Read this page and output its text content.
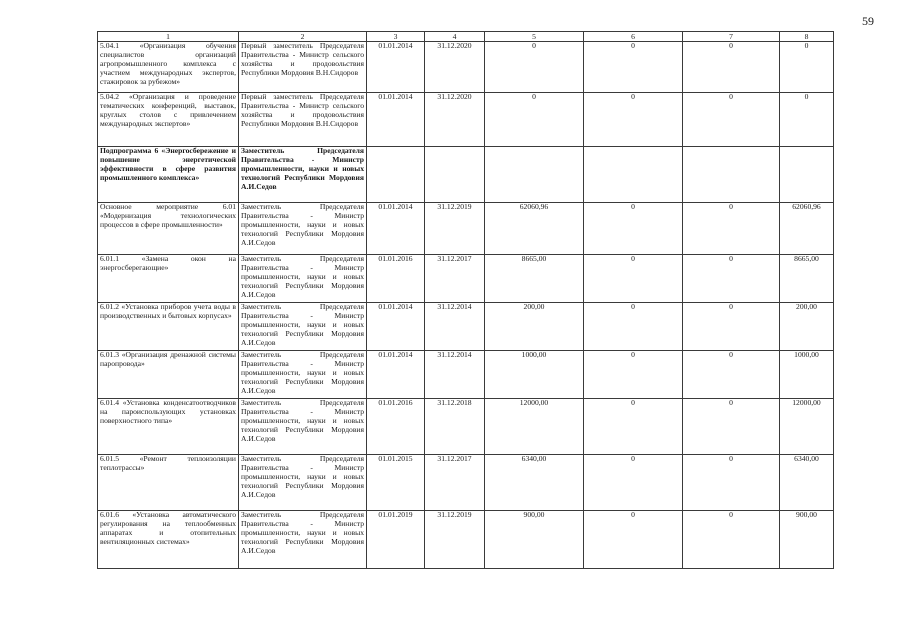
59
1	2	3	4	5	6	7	8
5.04.1 «Организация обучения специалистов организаций агропромышленного комплекса с участием международных экспертов, стажировок за рубежом»	Первый заместитель Председателя Правительства - Министр сельского хозяйства и продовольствия Республики Мордовия В.Н.Сидоров	01.01.2014	31.12.2020	0	0	0	0
5.04.2 «Организация и проведение тематических конференций, выставок, круглых столов с привлечением международных экспертов»	Первый заместитель Председателя Правительства - Министр сельского хозяйства и продовольствия Республики Мордовия В.Н.Сидоров	01.01.2014	31.12.2020	0	0	0	0
Подпрограмма 6 «Энергосбережение и повышение энергетической эффективности в сфере развития промышленного комплекса»	Заместитель Председателя Правительства - Министр промышленности, науки и новых технологий Республики Мордовия А.И.Седов						
Основное мероприятие 6.01 «Модернизация технологических процессов в сфере промышленности»	Заместитель Председателя Правительства - Министр промышленности, науки и новых технологий Республики Мордовия А.И.Седов	01.01.2014	31.12.2019	62060,96	0	0	62060,96
6.01.1 «Замена окон на энергосберегающие»	Заместитель Председателя Правительства - Министр промышленности, науки и новых технологий Республики Мордовия А.И.Седов	01.01.2016	31.12.2017	8665,00	0	0	8665,00
6.01.2 «Установка приборов учета воды в производственных и бытовых корпусах»	Заместитель Председателя Правительства - Министр промышленности, науки и новых технологий Республики Мордовия А.И.Седов	01.01.2014	31.12.2014	200,00	0	0	200,00
6.01.3 «Организация дренажной системы паропровода»	Заместитель Председателя Правительства - Министр промышленности, науки и новых технологий Республики Мордовия А.И.Седов	01.01.2014	31.12.2014	1000,00	0	0	1000,00
6.01.4 «Установка конденсатоотводчиков на пароиспользующих установках поверхностного типа»	Заместитель Председателя Правительства - Министр промышленности, науки и новых технологий Республики Мордовия А.И.Седов	01.01.2016	31.12.2018	12000,00	0	0	12000,00
6.01.5 «Ремонт теплоизоляции теплотрассы»	Заместитель Председателя Правительства - Министр промышленности, науки и новых технологий Республики Мордовия А.И.Седов	01.01.2015	31.12.2017	6340,00	0	0	6340,00
6.01.6 «Установка автоматического регулирования на теплообменных аппаратах и отопительных вентиляционных системах»	Заместитель Председателя Правительства - Министр промышленности, науки и новых технологий Республики Мордовия А.И.Седов	01.01.2019	31.12.2019	900,00	0	0	900,00
